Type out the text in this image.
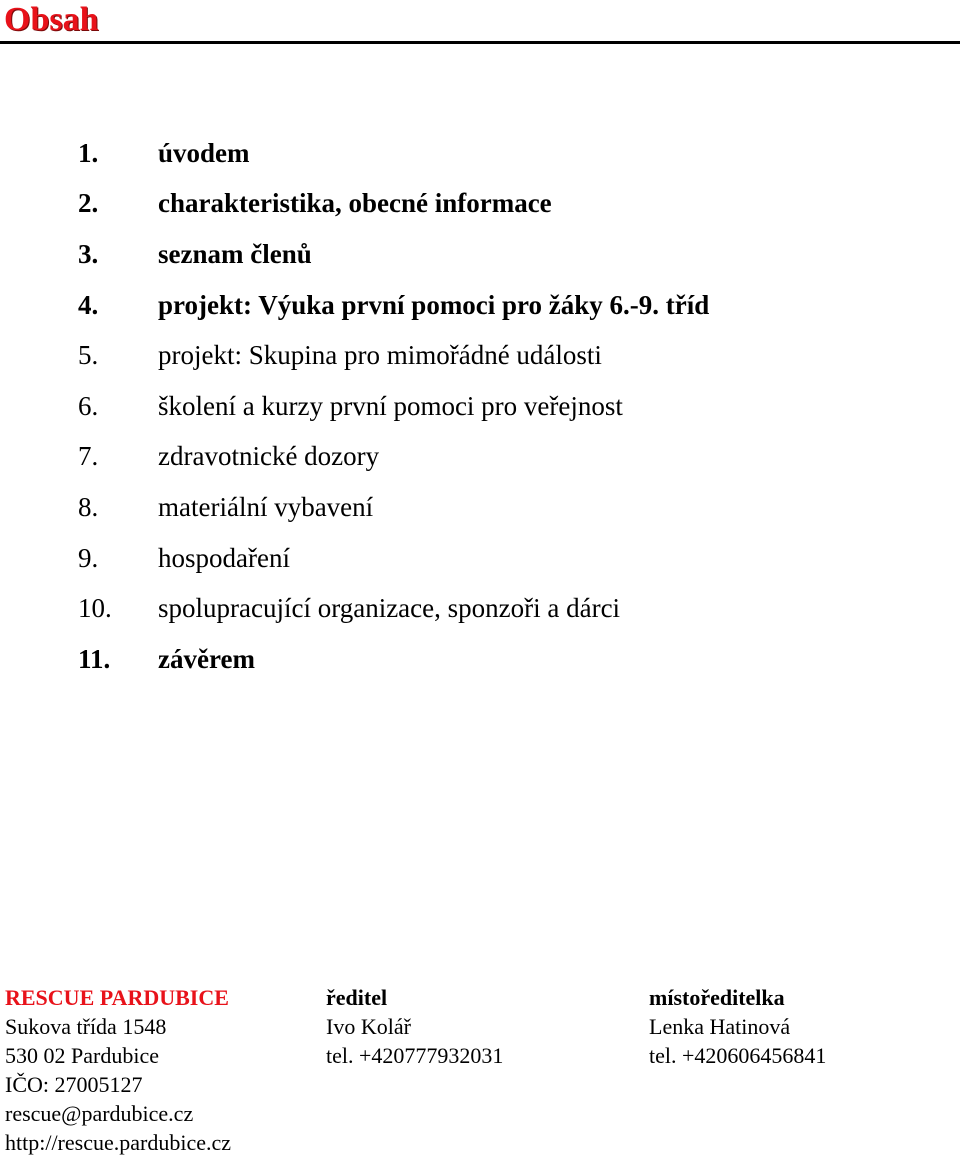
Obsah
1.	úvodem
2.	charakteristika, obecné informace
3.	seznam členů
4.	projekt: Výuka první pomoci pro žáky 6.-9. tříd
5.	projekt: Skupina pro mimořádné události
6.	školení a kurzy první pomoci pro veřejnost
7.	zdravotnické dozory
8.	materiální vybavení
9.	hospodaření
10.	spolupracující organizace, sponzoři a dárci
11.	závěrem
RESCUE PARDUBICE
Sukova třída 1548
530 02 Pardubice
IČO: 27005127
rescue@pardubice.cz
http://rescue.pardubice.cz
ředitel
Ivo Kolář
tel. +420777932031
místoředitelka
Lenka Hatinová
tel. +420606456841
